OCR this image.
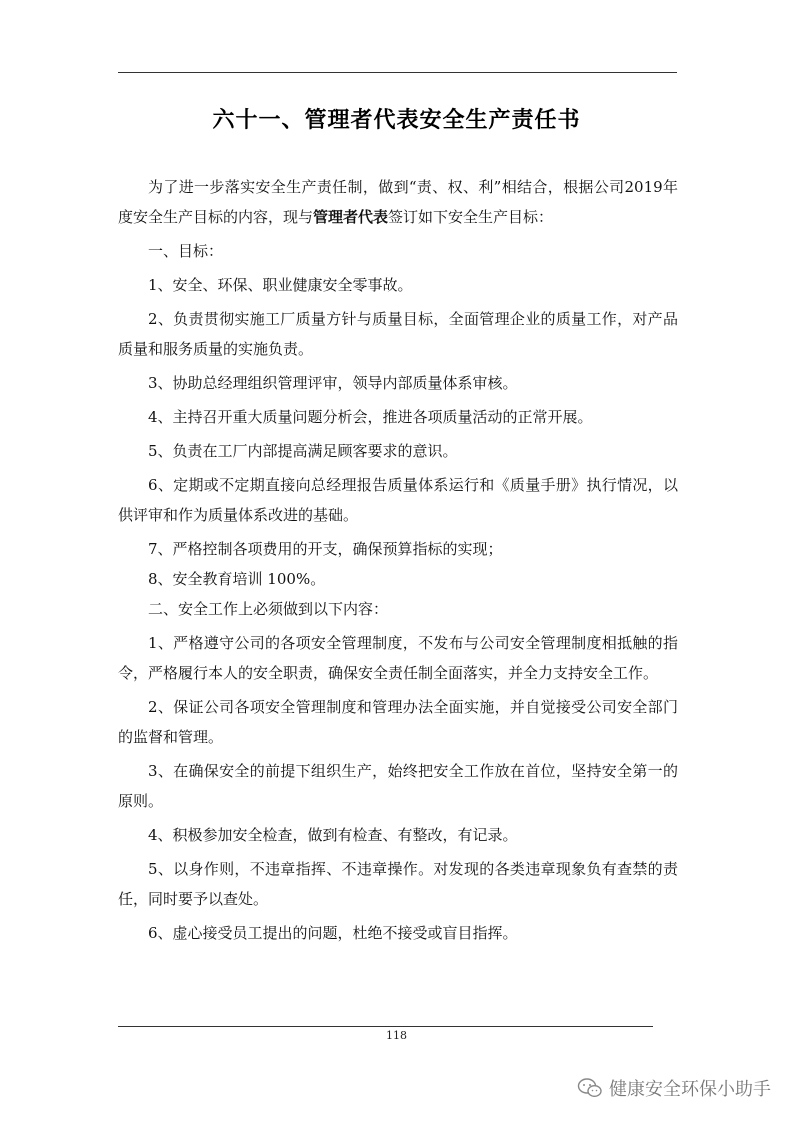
六十一、管理者代表安全生产责任书

为了进一步落实安全生产责任制，做到“责、权、利”相结合，根据公司2019年度安全生产目标的内容，现与管理者代表签订如下安全生产目标：

一、目标：

1、安全、环保、职业健康安全零事故。

2、负责贯彻实施工厂质量方针与质量目标，全面管理企业的质量工作，对产品质量和服务质量的实施负责。

3、协助总经理组织管理评审，领导内部质量体系审核。

4、主持召开重大质量问题分析会，推进各项质量活动的正常开展。

5、负责在工厂内部提高满足顾客要求的意识。

6、定期或不定期直接向总经理报告质量体系运行和《质量手册》执行情况，以供评审和作为质量体系改进的基础。

7、严格控制各项费用的开支，确保预算指标的实现；

8、安全教育培训 100%。

二、安全工作上必须做到以下内容：

1、严格遵守公司的各项安全管理制度，不发布与公司安全管理制度相抵触的指令，严格履行本人的安全职责，确保安全责任制全面落实，并全力支持安全工作。

2、保证公司各项安全管理制度和管理办法全面实施，并自觉接受公司安全部门的监督和管理。

3、在确保安全的前提下组织生产，始终把安全工作放在首位，坚持安全第一的原则。

4、积极参加安全检查，做到有检查、有整改，有记录。

5、以身作则，不违章指挥、不违章操作。对发现的各类违章现象负有查禁的责任，同时要予以查处。

6、虚心接受员工提出的问题，杜绝不接受或盲目指挥。

118
健康安全环保小助手
